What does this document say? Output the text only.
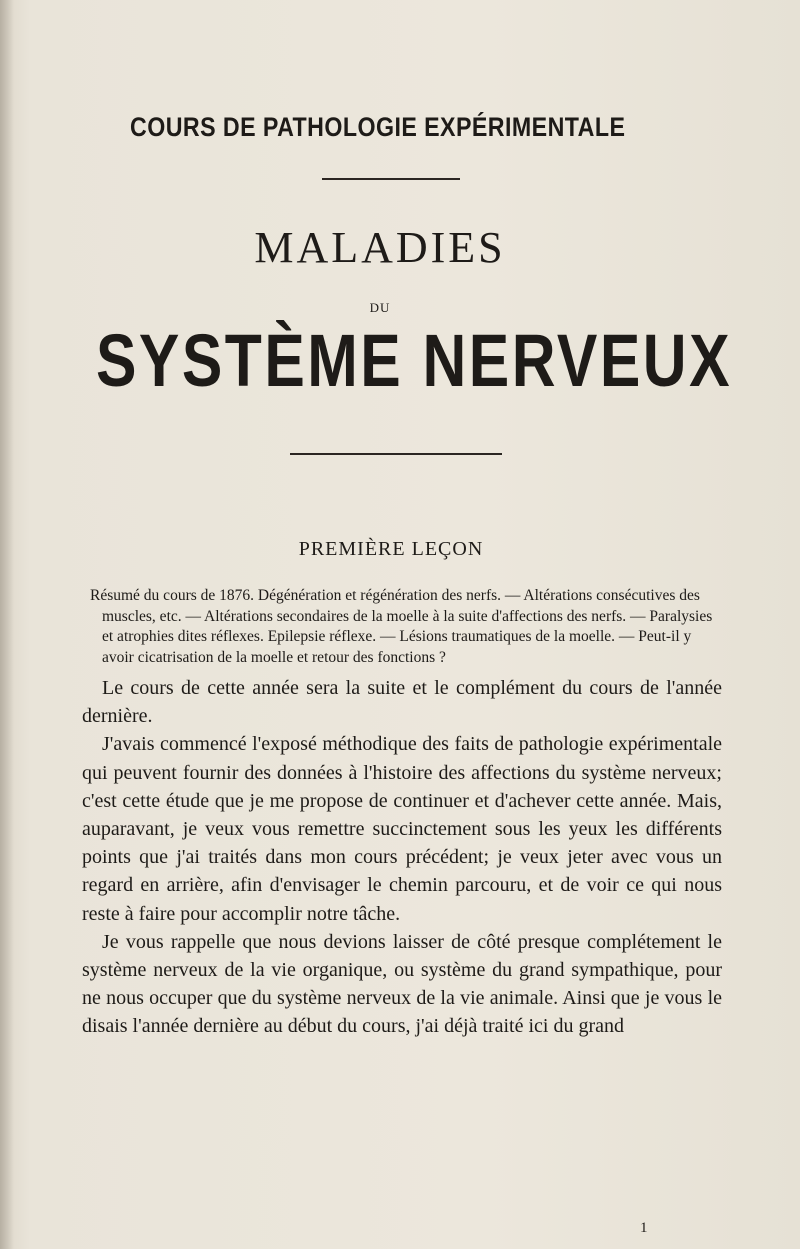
COURS DE PATHOLOGIE EXPÉRIMENTALE
MALADIES
DU
SYSTÈME NERVEUX
PREMIÈRE LEÇON
Résumé du cours de 1876. Dégénération et régénération des nerfs. — Altérations consécutives des muscles, etc. — Altérations secondaires de la moelle à la suite d'affections des nerfs. — Paralysies et atrophies dites réflexes. Epilepsie réflexe. — Lésions traumatiques de la moelle. — Peut-il y avoir cicatrisation de la moelle et retour des fonctions ?

Le cours de cette année sera la suite et le complément du cours de l'année dernière.

J'avais commencé l'exposé méthodique des faits de pathologie expérimentale qui peuvent fournir des données à l'histoire des affections du système nerveux; c'est cette étude que je me propose de continuer et d'achever cette année. Mais, auparavant, je veux vous remettre succinctement sous les yeux les différents points que j'ai traités dans mon cours précédent; je veux jeter avec vous un regard en arrière, afin d'envisager le chemin parcouru, et de voir ce qui nous reste à faire pour accomplir notre tâche.

Je vous rappelle que nous devions laisser de côté presque complétement le système nerveux de la vie organique, ou système du grand sympathique, pour ne nous occuper que du système nerveux de la vie animale. Ainsi que je vous le disais l'année dernière au début du cours, j'ai déjà traité ici du grand

1
